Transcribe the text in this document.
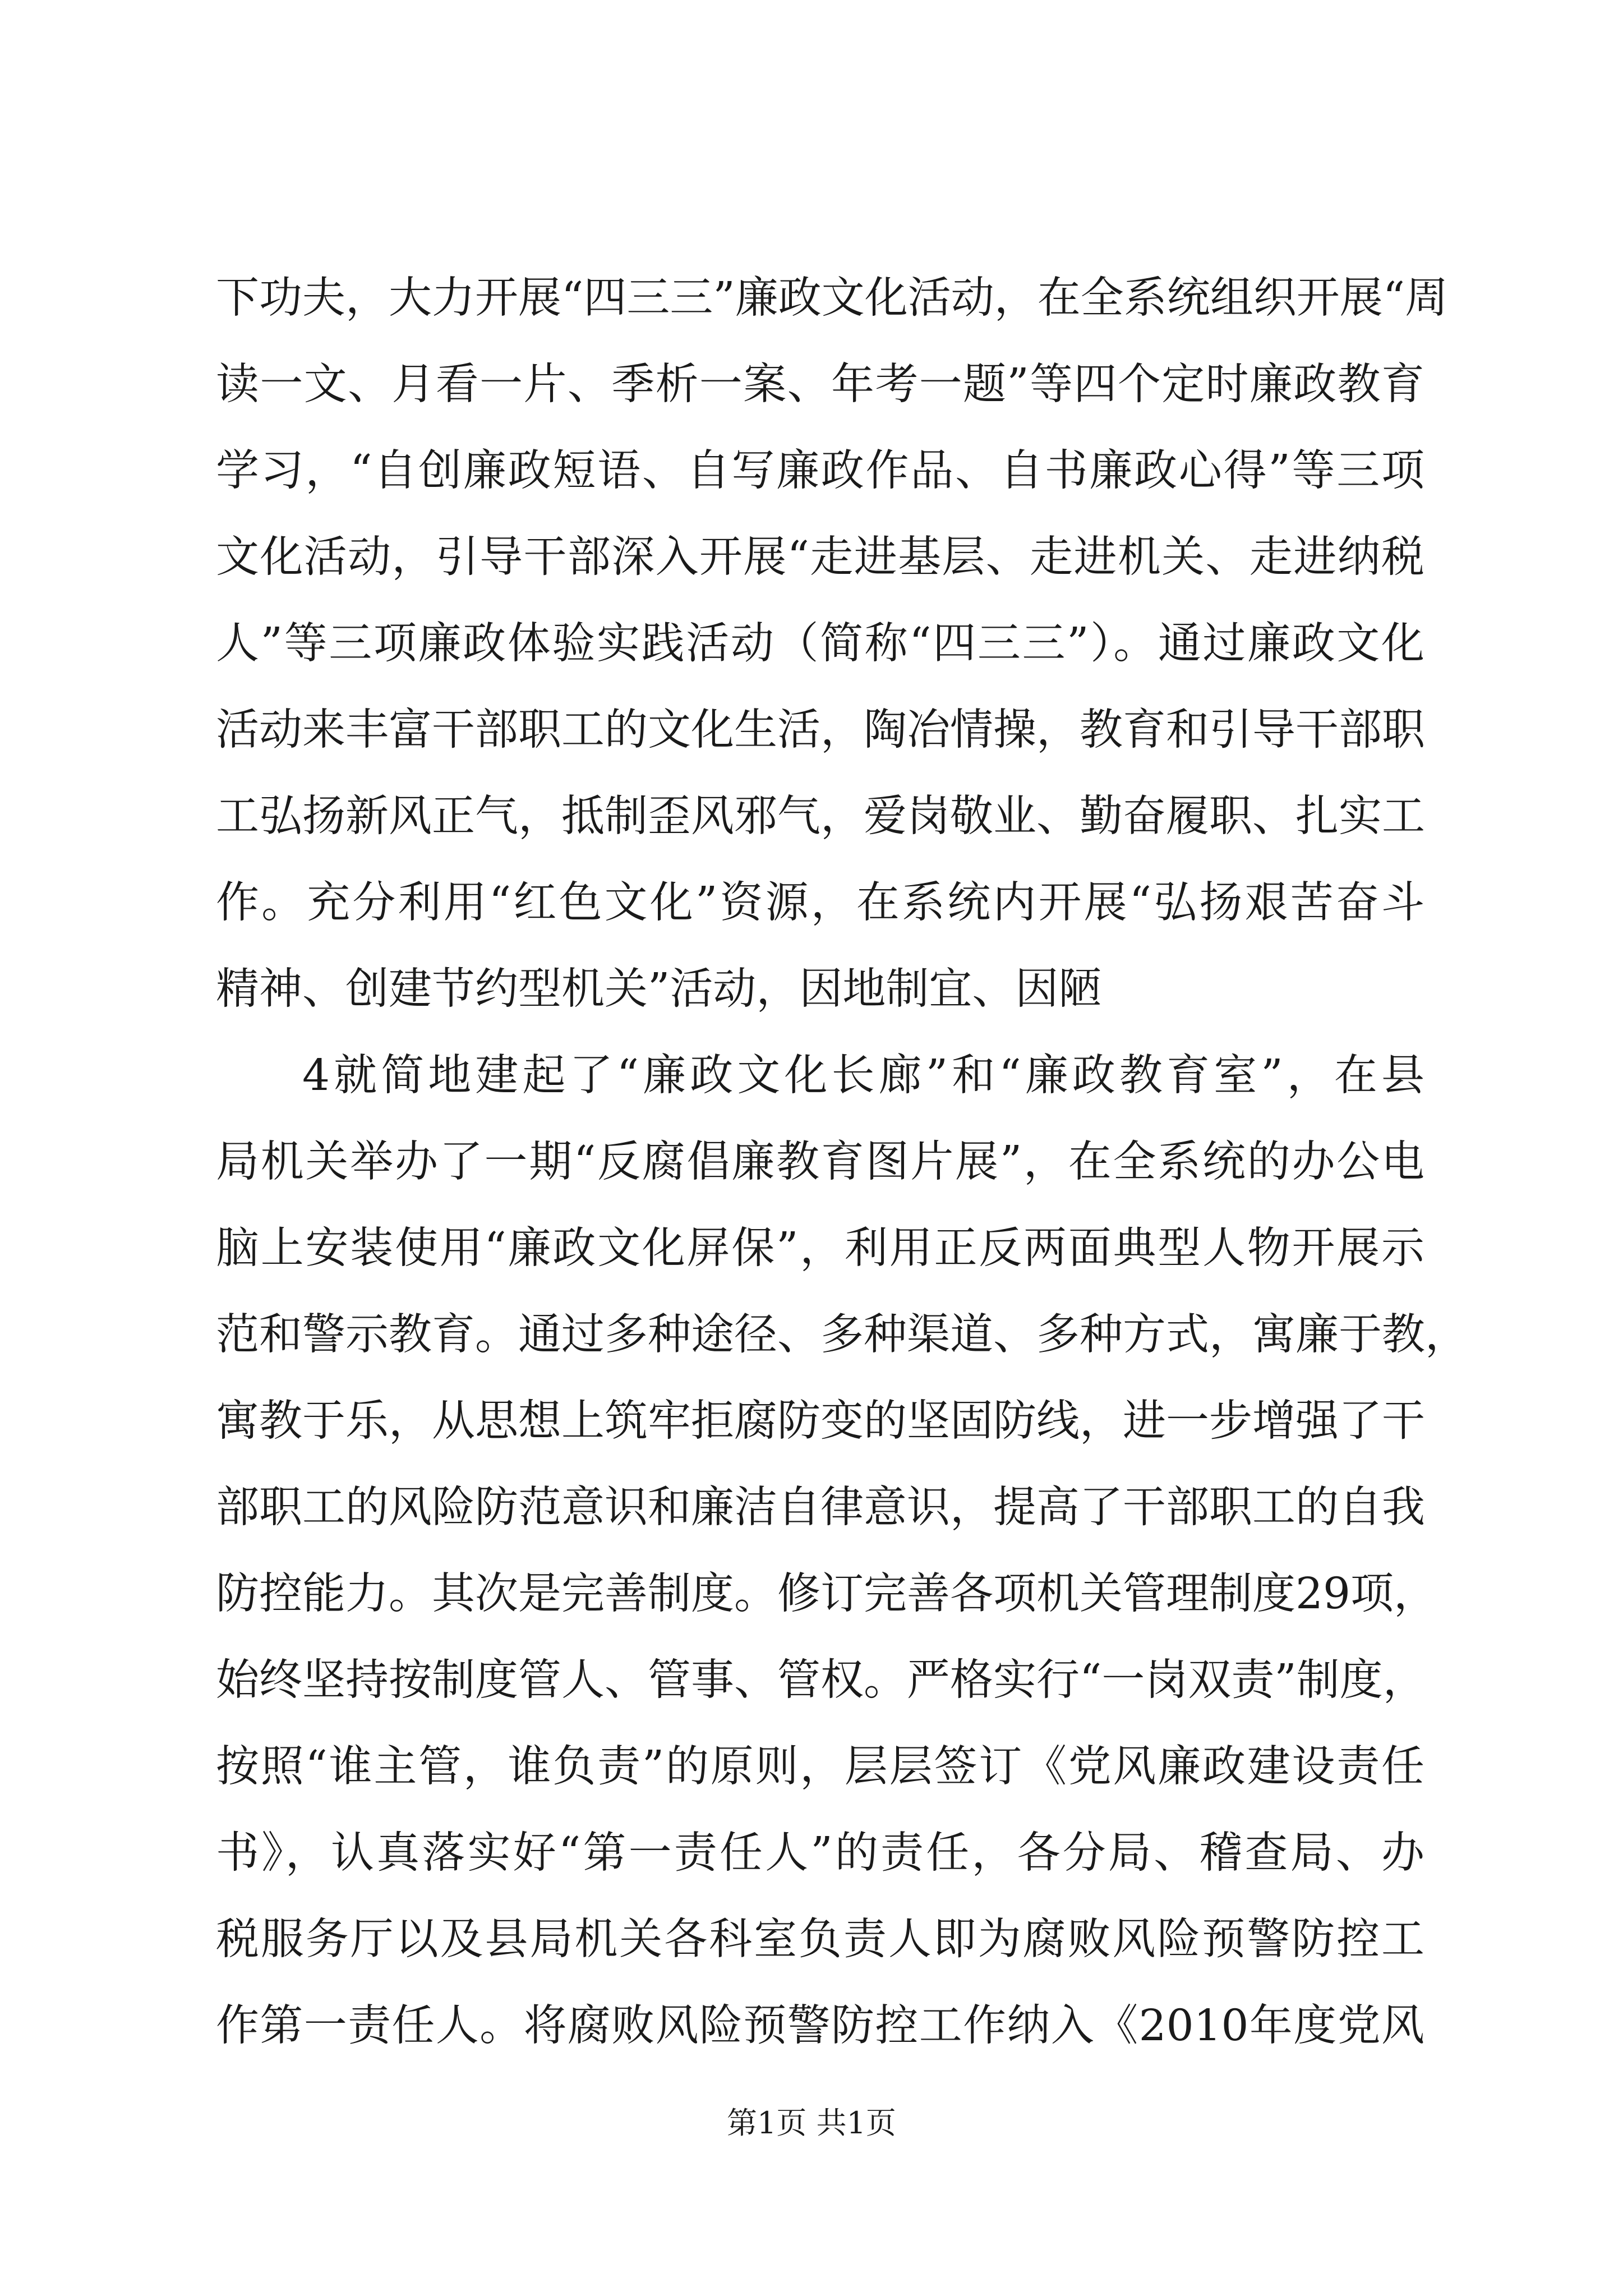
下功夫，大力开展“四三三”廉政文化活动，在全系统组织开展“周
读一文、月看一片、季析一案、年考一题”等四个定时廉政教育
学习，“自创廉政短语、自写廉政作品、自书廉政心得”等三项
文化活动，引导干部深入开展“走进基层、走进机关、走进纳税
人”等三项廉政体验实践活动（简称“四三三”）。通过廉政文化
活动来丰富干部职工的文化生活，陶冶情操，教育和引导干部职
工弘扬新风正气，抵制歪风邪气，爱岗敬业、勤奋履职、扎实工
作。充分利用“红色文化”资源，在系统内开展“弘扬艰苦奋斗
精神、创建节约型机关”活动，因地制宜、因陋
4就简地建起了“廉政文化长廊”和“廉政教育室”，在县
局机关举办了一期“反腐倡廉教育图片展”，在全系统的办公电
脑上安装使用“廉政文化屏保”，利用正反两面典型人物开展示
范和警示教育。通过多种途径、多种渠道、多种方式，寓廉于教，
寓教于乐，从思想上筑牢拒腐防变的坚固防线，进一步增强了干
部职工的风险防范意识和廉洁自律意识，提高了干部职工的自我
防控能力。其次是完善制度。修订完善各项机关管理制度29项，
始终坚持按制度管人、管事、管权。严格实行“一岗双责”制度，
按照“谁主管，谁负责”的原则，层层签订《党风廉政建设责任
书》，认真落实好“第一责任人”的责任，各分局、稽查局、办
税服务厅以及县局机关各科室负责人即为腐败风险预警防控工
作第一责任人。将腐败风险预警防控工作纳入《2010年度党风
第1页 共1页
